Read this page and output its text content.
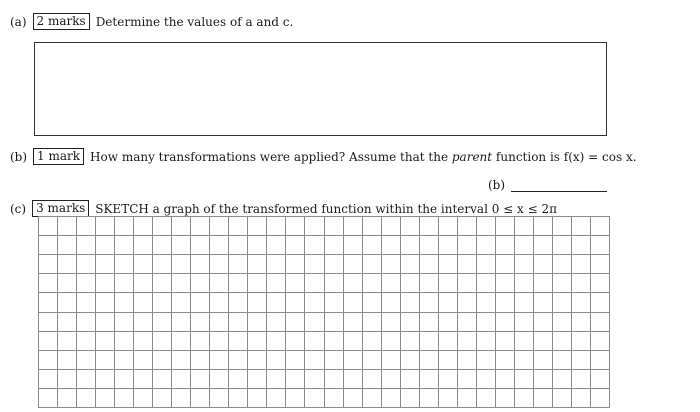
(a) 2 marks Determine the values of a and c.
(b) 1 mark How many transformations were applied? Assume that the parent function is f(x) = cos x.
(b)
(c) 3 marks SKETCH a graph of the transformed function within the interval 0 ≤ x ≤ 2π
